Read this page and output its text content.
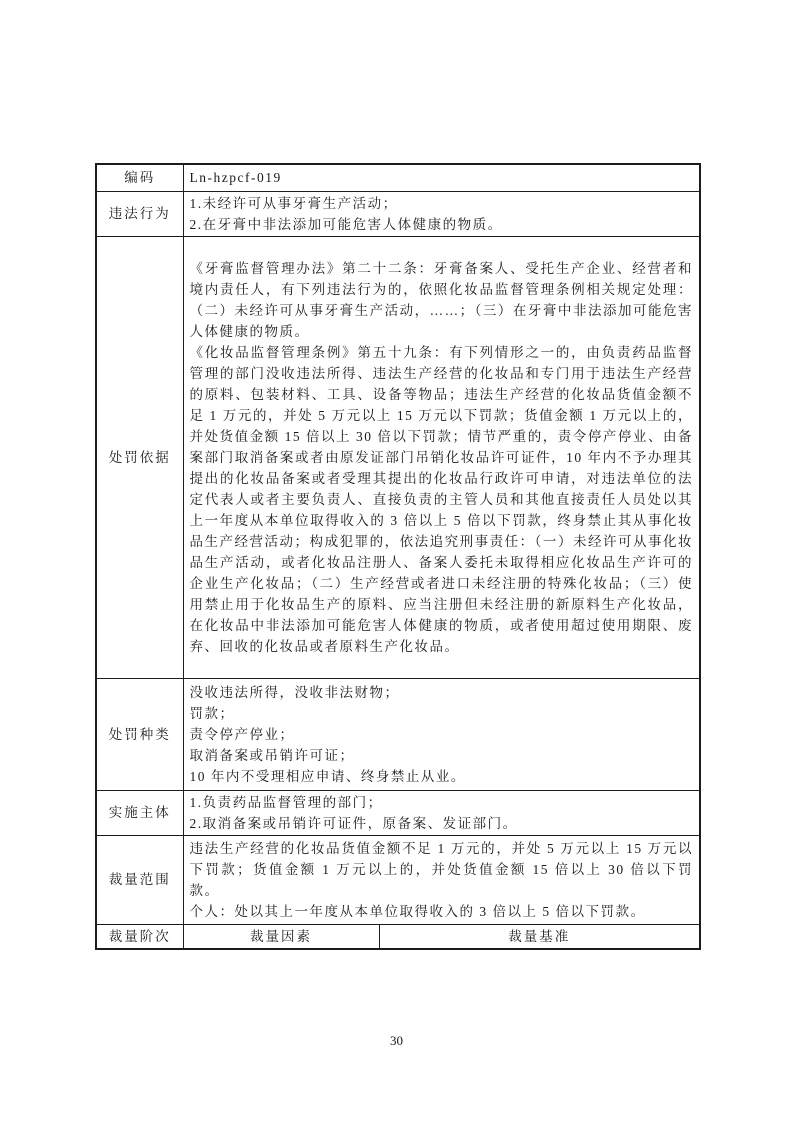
编码	Ln-hzpcf-019	
违法行为	1.未经许可从事牙膏生产活动；
2.在牙膏中非法添加可能危害人体健康的物质。	

处罚依据	《牙膏监督管理办法》第二十二条：牙膏备案人、受托生产企业、经营者和境内责任人，有下列违法行为的，依照化妆品监督管理条例相关规定处理：（二）未经许可从事牙膏生产活动，……；（三）在牙膏中非法添加可能危害人体健康的物质。
《化妆品监督管理条例》第五十九条：有下列情形之一的，由负责药品监督管理的部门没收违法所得、违法生产经营的化妆品和专门用于违法生产经营的原料、包装材料、工具、设备等物品；违法生产经营的化妆品货值金额不足 1 万元的，并处 5 万元以上 15 万元以下罚款；货值金额 1 万元以上的，并处货值金额 15 倍以上 30 倍以下罚款；情节严重的，责令停产停业、由备案部门取消备案或者由原发证部门吊销化妆品许可证件，10 年内不予办理其提出的化妆品备案或者受理其提出的化妆品行政许可申请，对违法单位的法定代表人或者主要负责人、直接负责的主管人员和其他直接责任人员处以其上一年度从本单位取得收入的 3 倍以上 5 倍以下罚款，终身禁止其从事化妆品生产经营活动；构成犯罪的，依法追究刑事责任：（一）未经许可从事化妆品生产活动，或者化妆品注册人、备案人委托未取得相应化妆品生产许可的企业生产化妆品；（二）生产经营或者进口未经注册的特殊化妆品；（三）使用禁止用于化妆品生产的原料、应当注册但未经注册的新原料生产化妆品，在化妆品中非法添加可能危害人体健康的物质，或者使用超过使用期限、废弃、回收的化妆品或者原料生产化妆品。	

处罚种类	没收违法所得，没收非法财物；
罚款；
责令停产停业；
取消备案或吊销许可证；
10 年内不受理相应申请、终身禁止从业。	

实施主体	1.负责药品监督管理的部门；
2.取消备案或吊销许可证件，原备案、发证部门。	

裁量范围	违法生产经营的化妆品货值金额不足 1 万元的，并处 5 万元以上 15 万元以下罚款；货值金额 1 万元以上的，并处货值金额 15 倍以上 30 倍以下罚款。
个人：处以其上一年度从本单位取得收入的 3 倍以上 5 倍以下罚款。	

裁量阶次	裁量因素	裁量基准
30
